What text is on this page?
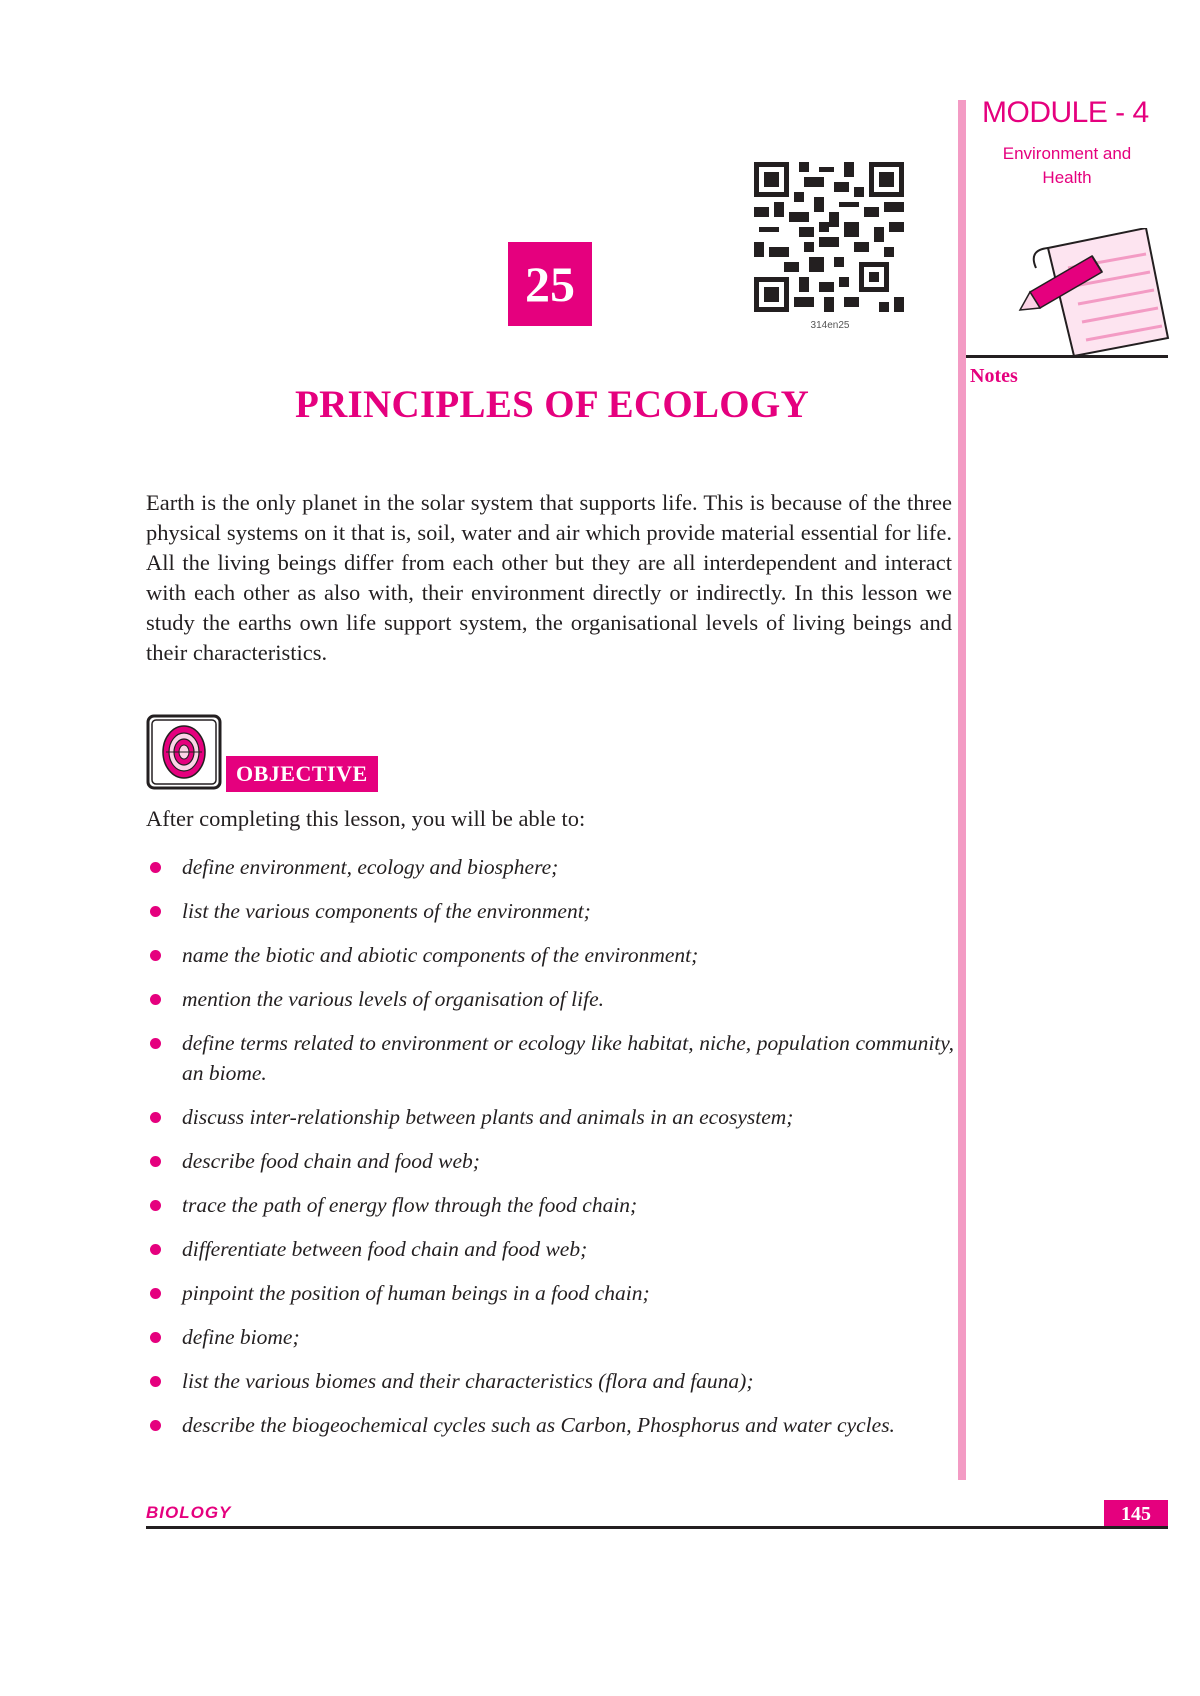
MODULE - 4
Environment and
Health
Notes
25
314en25
PRINCIPLES OF ECOLOGY

Earth is the only planet in the solar system that supports life. This is because of the three physical systems on it that is, soil, water and air which provide material essential for life. All the living beings differ from each other but they are all interdependent and interact with each other as also with, their environment directly or indirectly. In this lesson we study the earths own life support system, the organisational levels of living beings and their characteristics.

OBJECTIVE
After completing this lesson, you will be able to:
define environment, ecology and biosphere;
list the various components of the environment;
name the biotic and abiotic components of the environment;
mention the various levels of organisation of life.
define terms related to environment or ecology like habitat, niche, population community, an biome.
discuss inter-relationship between plants and animals in an ecosystem;
describe food chain and food web;
trace the path of energy flow through the food chain;
differentiate between food chain and food web;
pinpoint the position of human beings in a food chain;
define biome;
list the various biomes and their characteristics (flora and fauna);
describe the biogeochemical cycles such as Carbon, Phosphorus and water cycles.
BIOLOGY	145
